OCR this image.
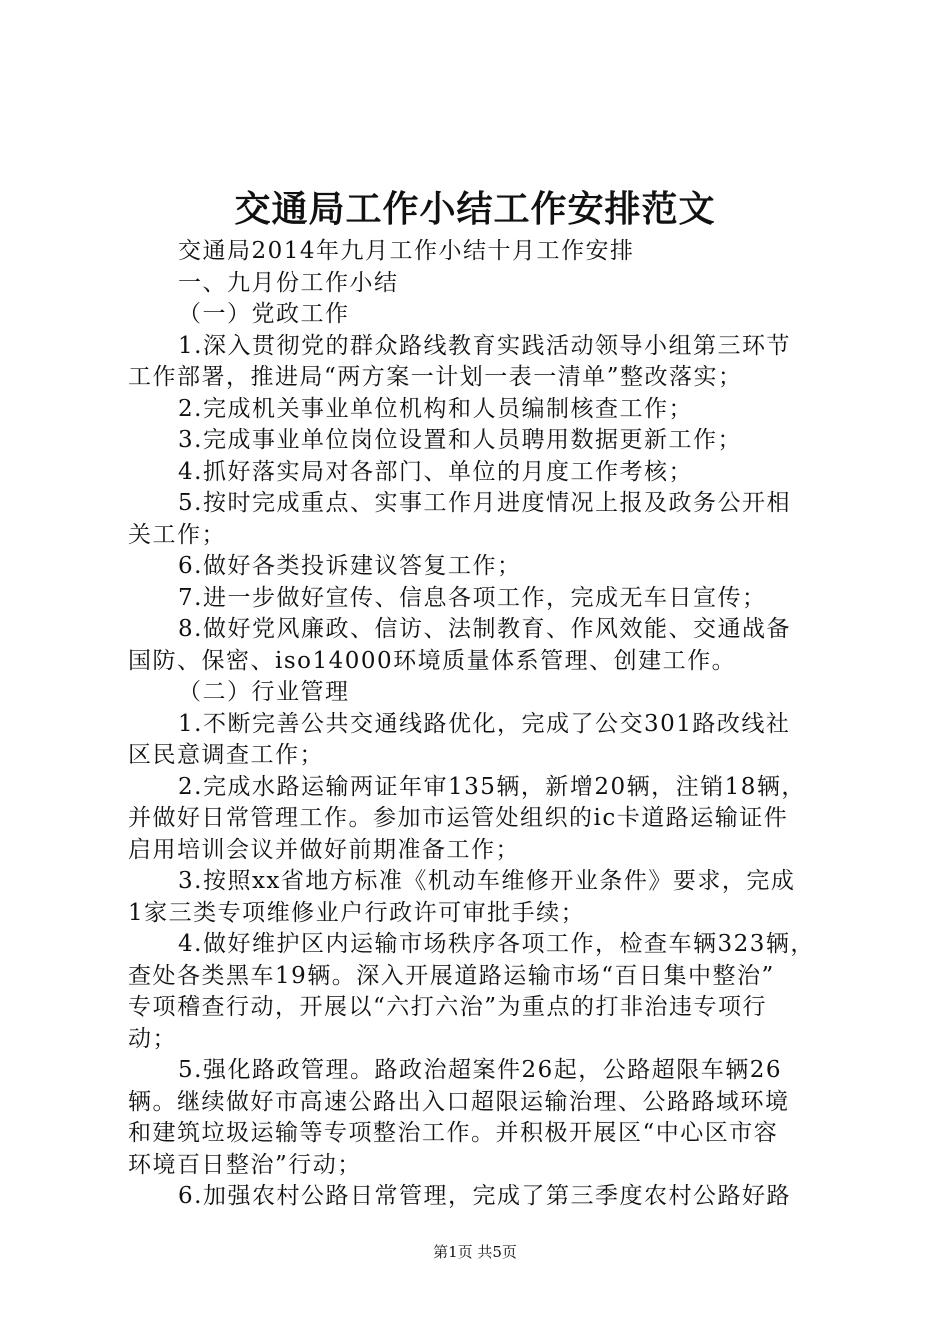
交通局工作小结工作安排范文
交通局2014年九月工作小结十月工作安排
一、九月份工作小结
（一）党政工作
1.深入贯彻党的群众路线教育实践活动领导小组第三环节
工作部署，推进局“两方案一计划一表一清单”整改落实；
2.完成机关事业单位机构和人员编制核查工作；
3.完成事业单位岗位设置和人员聘用数据更新工作；
4.抓好落实局对各部门、单位的月度工作考核；
5.按时完成重点、实事工作月进度情况上报及政务公开相
关工作；
6.做好各类投诉建议答复工作；
7.进一步做好宣传、信息各项工作，完成无车日宣传；
8.做好党风廉政、信访、法制教育、作风效能、交通战备
国防、保密、iso14000环境质量体系管理、创建工作。
（二）行业管理
1.不断完善公共交通线路优化，完成了公交301路改线社
区民意调查工作；
2.完成水路运输两证年审135辆，新增20辆，注销18辆，
并做好日常管理工作。参加市运管处组织的ic卡道路运输证件
启用培训会议并做好前期准备工作；
3.按照xx省地方标准《机动车维修开业条件》要求，完成
1家三类专项维修业户行政许可审批手续；
4.做好维护区内运输市场秩序各项工作，检查车辆323辆，
查处各类黑车19辆。深入开展道路运输市场“百日集中整治”
专项稽查行动，开展以“六打六治”为重点的打非治违专项行
动；
5.强化路政管理。路政治超案件26起，公路超限车辆26
辆。继续做好市高速公路出入口超限运输治理、公路路域环境
和建筑垃圾运输等专项整治工作。并积极开展区“中心区市容
环境百日整治”行动；
6.加强农村公路日常管理，完成了第三季度农村公路好路
第1页 共5页
